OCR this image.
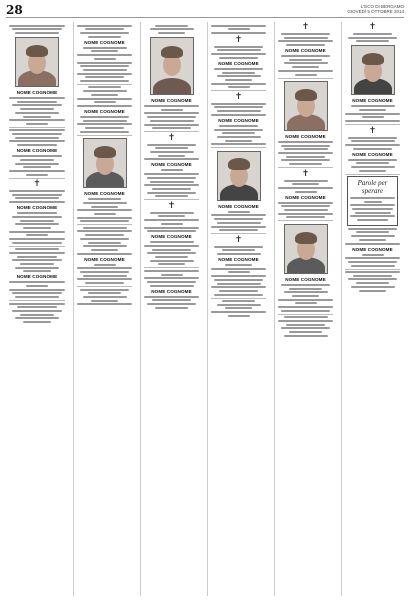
28	L'ECO DI BERGAMO
GIOVEDÌ 5 OTTOBRE 2014
NOME COGNOME
NOME COGNOME
✝
NOME COGNOME
NOME COGNOME
NOME COGNOME
NOME COGNOME
NOME COGNOME
NOME COGNOME
NOME COGNOME
✝
NOME COGNOME
✝
NOME COGNOME
NOME COGNOME
✝
NOME COGNOME
✝
NOME COGNOME
NOME COGNOME
✝
NOME COGNOME
✝
NOME COGNOME
NOME COGNOME
✝
NOME COGNOME
NOME COGNOME
✝
NOME COGNOME
✝
NOME COGNOME
Parole per sperare
NOME COGNOME
